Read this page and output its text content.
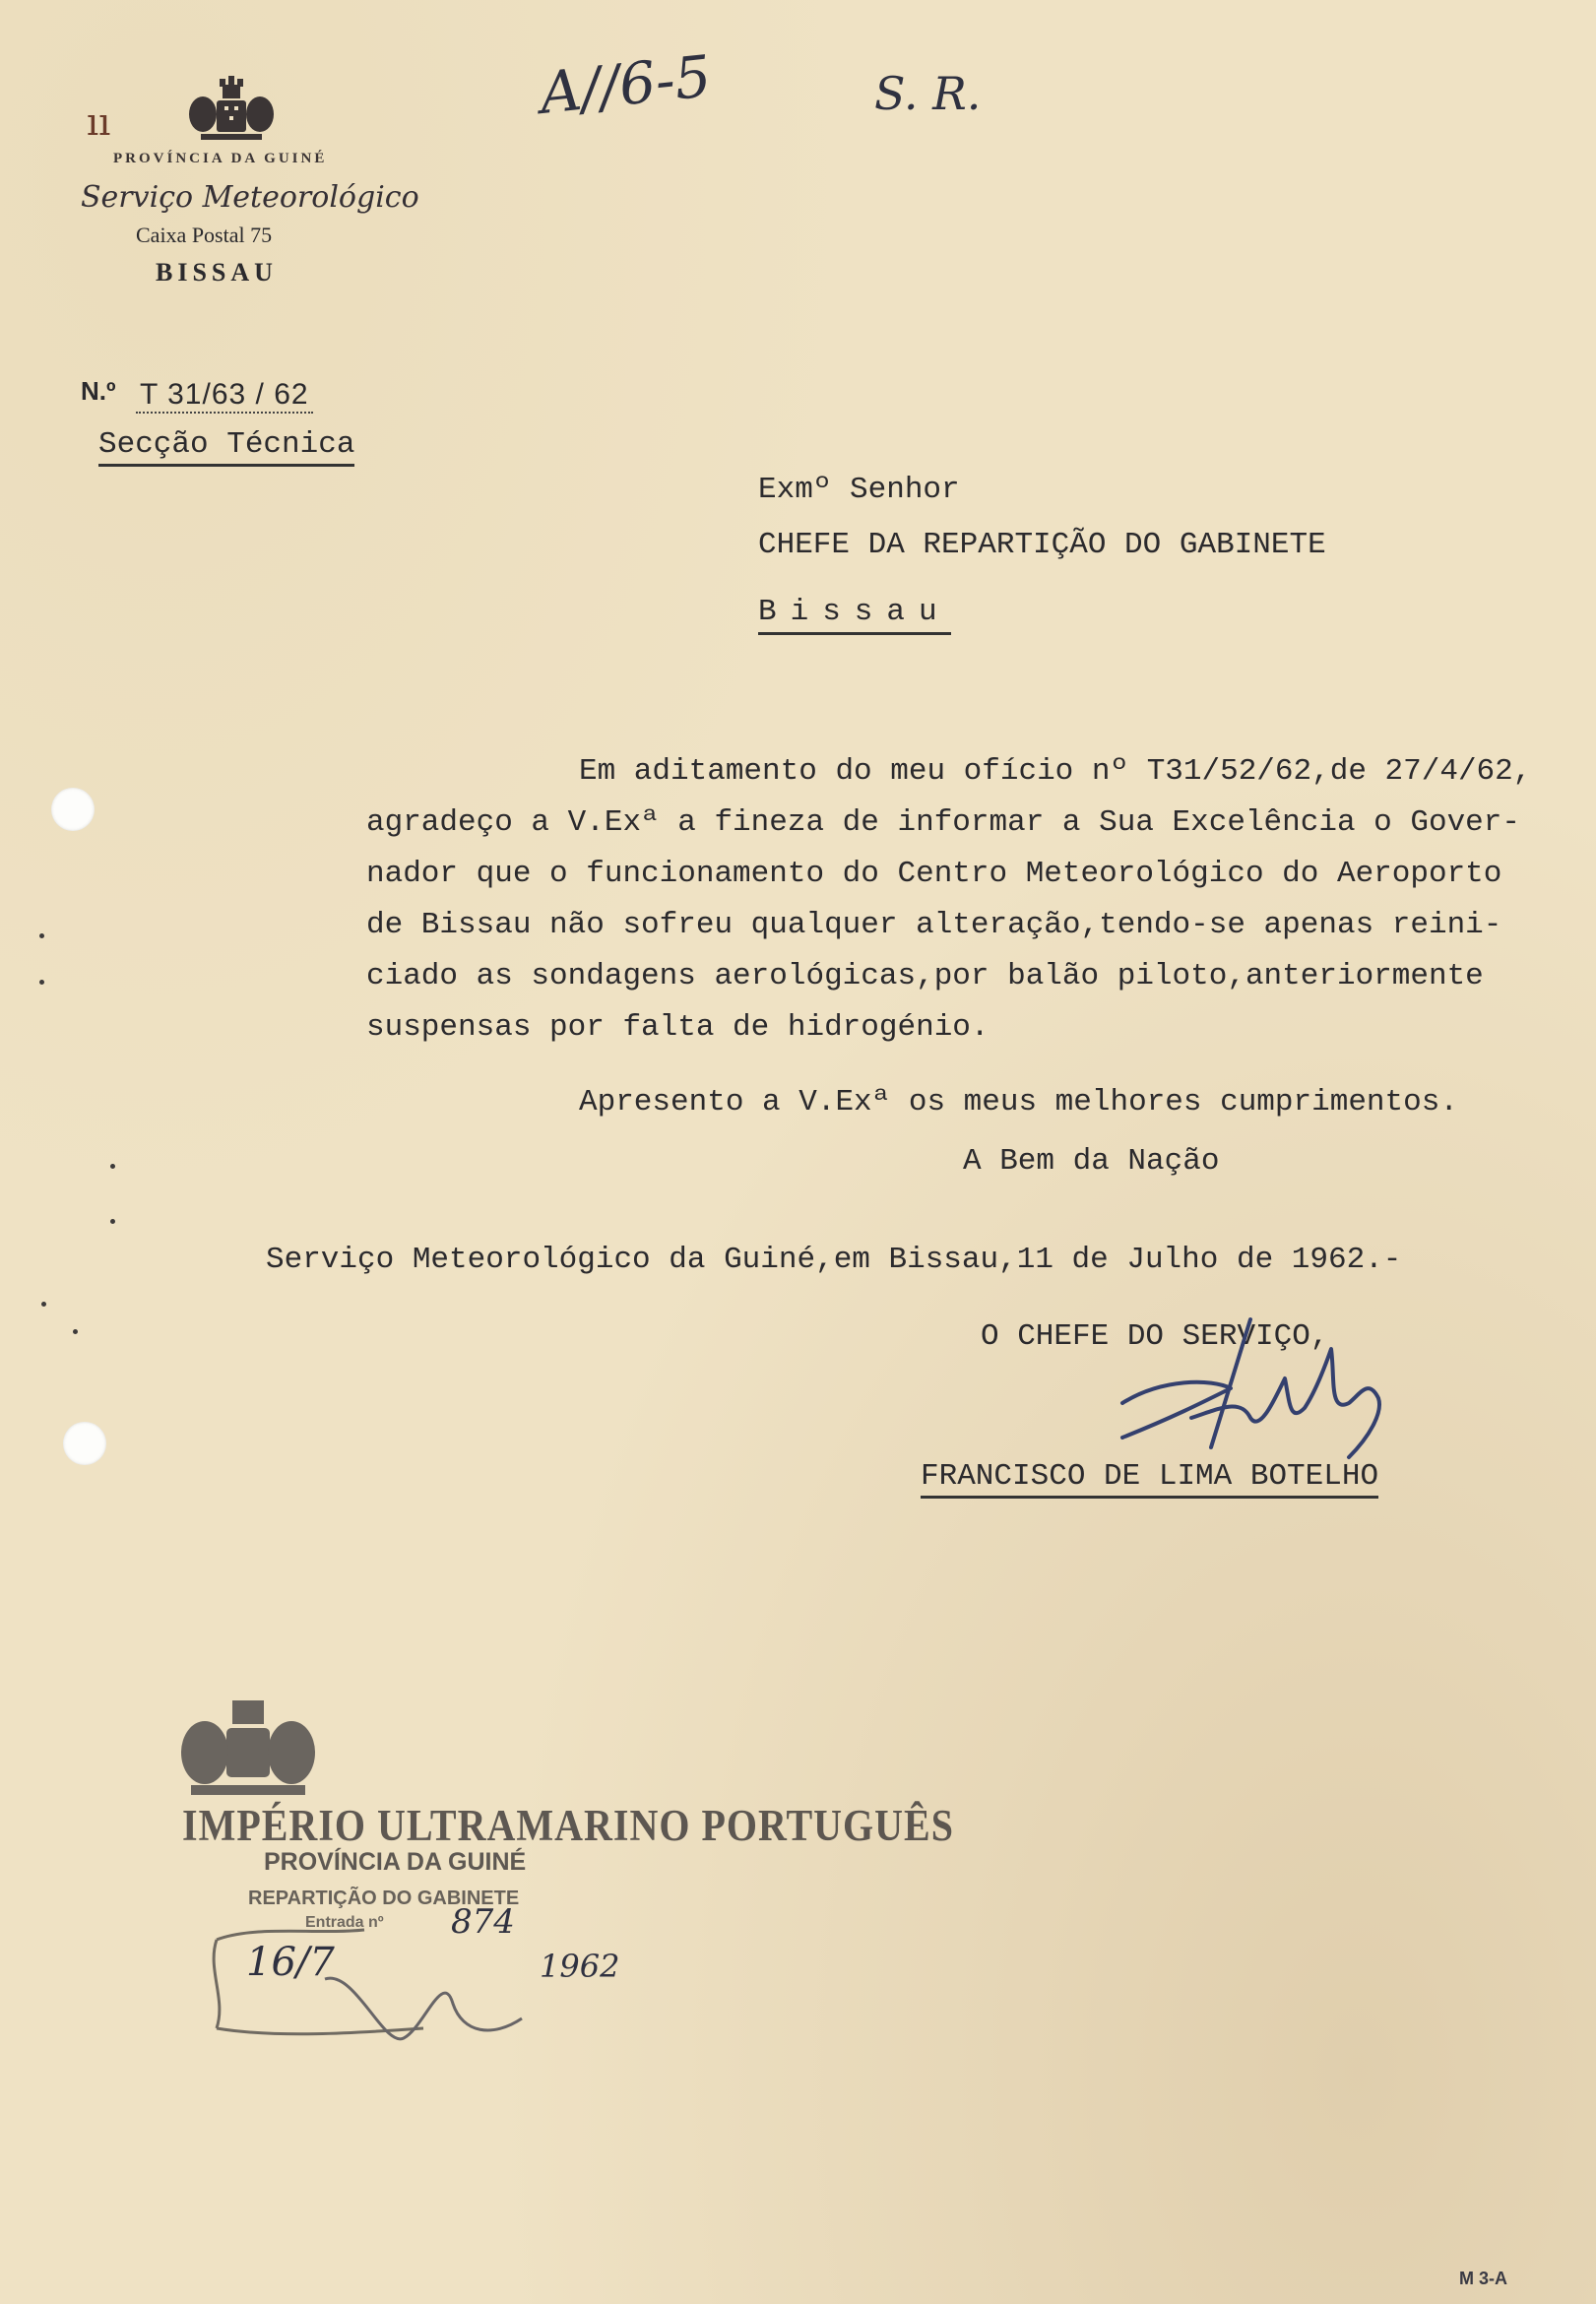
ıı
PROVÍNCIA DA GUINÉ
Serviço Meteorológico
Caixa Postal 75
BISSAU
N.º T 31/63 / 62
Secção Técnica
A//6-5	S. R.
Exmº Senhor
CHEFE DA REPARTIÇÃO DO GABINETE
Bissau
Em aditamento do meu ofício nº T31/52/62,de 27/4/62,
agradeço a V.Exª a fineza de informar a Sua Excelência o Gover-
nador que o funcionamento do Centro Meteorológico do Aeroporto
de Bissau não sofreu qualquer alteração,tendo-se apenas reini-
ciado as sondagens aerológicas,por balão piloto,anteriormente
suspensas por falta de hidrogénio.
Apresento a V.Exª os meus melhores cumprimentos.
A Bem da Nação
Serviço Meteorológico da Guiné,em Bissau,11 de Julho de 1962.-
O CHEFE DO SERVIÇO,
FRANCISCO DE LIMA BOTELHO
IMPÉRIO ULTRAMARINO PORTUGUÊS
PROVÍNCIA DA GUINÉ
REPARTIÇÃO DO GABINETE
Entrada nº 874
16/7	1962
M 3-A
